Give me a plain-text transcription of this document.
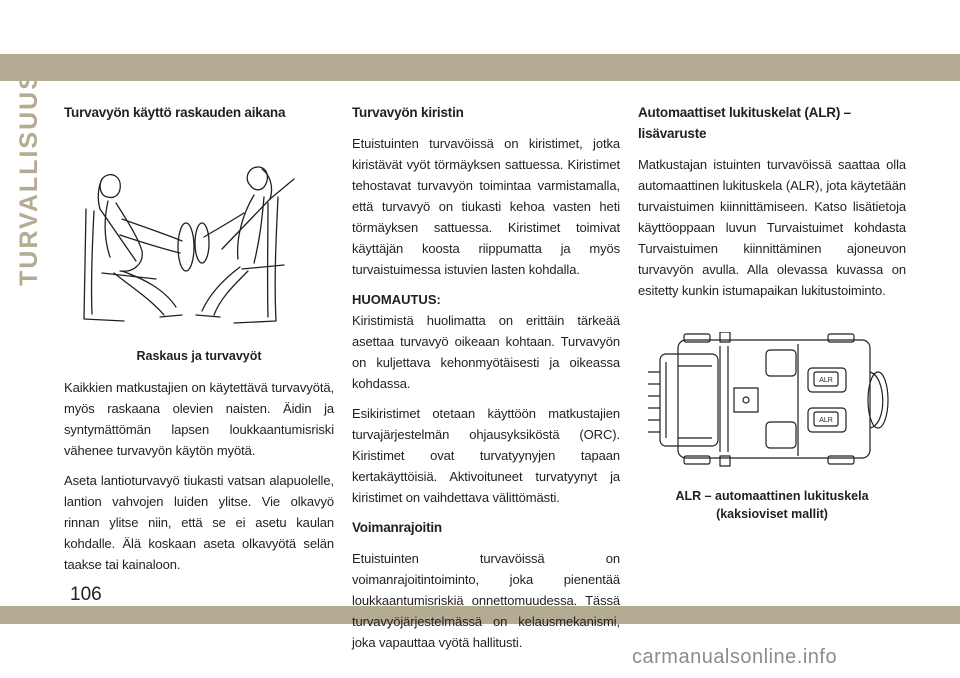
TURVALLISUUS Turvavyön käyttö raskauden aikana
Raskaus ja turvavyöt

Kaikkien matkustajien on käytettävä turvavyötä, myös raskaana olevien naisten. Äidin ja syntymättömän lapsen loukkaantumisriski vähenee turvavyön käytön myötä.

Aseta lantioturvavyö tiukasti vatsan alapuolelle, lantion vahvojen luiden ylitse. Vie olkavyö rinnan ylitse niin, että se ei asetu kaulan kohdalle. Älä koskaan aseta olkavyötä selän taakse tai kainaloon.

Turvavyön kiristin

Etuistuinten turvavöissä on kiristimet, jotka kiristävät vyöt törmäyksen sattuessa. Kiristimet tehostavat turvavyön toimintaa varmistamalla, että turvavyö on tiukasti kehoa vasten heti törmäyksen sattuessa. Kiristimet toimivat käyttäjän koosta riippumatta ja myös turvaistuimessa istuvien lasten kohdalla.

HUOMAUTUS:

Kiristimistä huolimatta on erittäin tärkeää asettaa turvavyö oikeaan kohtaan. Turvavyön on kuljettava kehonmyötäisesti ja oikeassa kohdassa.

Esikiristimet otetaan käyttöön matkustajien turvajärjestelmän ohjausyksiköstä (ORC). Kiristimet ovat turvatyynyjen tapaan kertakäyttöisiä. Aktivoituneet turvatyynyt ja kiristimet on vaihdettava välittömästi.

Voimanrajoitin

Etuistuinten turvavöissä on voimanrajoitintoiminto, joka pienentää loukkaantumisriskiä onnettomuudessa. Tässä turvavyöjärjestelmässä on kelausmekanismi, joka vapauttaa vyötä hallitusti.

Automaattiset lukituskelat (ALR) – lisävaruste

Matkustajan istuinten turvavöissä saattaa olla automaattinen lukituskela (ALR), jota käytetään turvaistuimen kiinnittämiseen. Katso lisätietoja käyttöoppaan luvun Turvaistuimet kohdasta Turvaistuimen kiinnittäminen ajoneuvon turvavyön avulla. Alla olevassa kuvassa on esitetty kunkin istumapaikan lukitustoiminto.

ALR
ALR
ALR – automaattinen lukituskela
(kaksioviset mallit)
106
carmanualsonline.info
